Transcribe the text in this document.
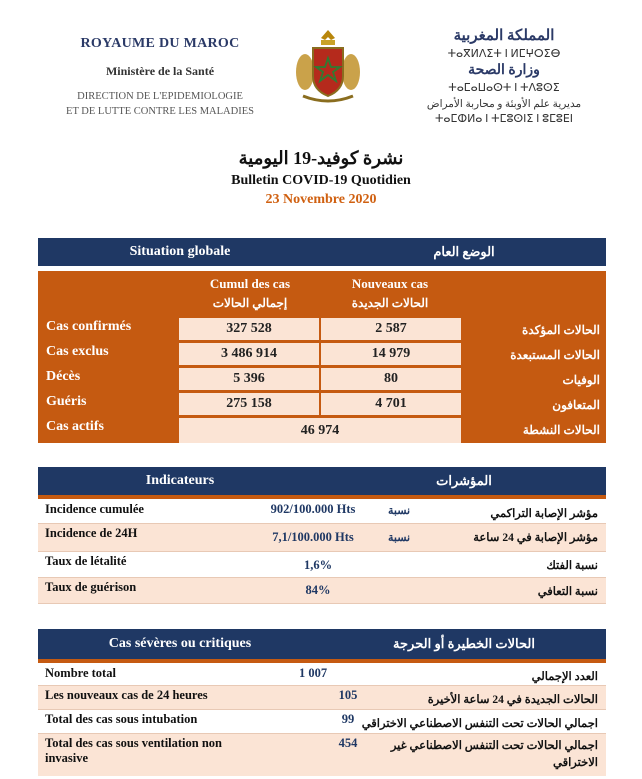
ROYAUME DU MAROC
Ministère de la Santé
DIRECTION DE L'EPIDEMIOLOGIE
ET DE LUTTE CONTRE LES MALADIES
المملكة المغربية
ⵜⴰⴳⵍⴷⵉⵜ ⵏ ⵍⵎⵖⵔⵉⴱ
وزارة الصحة
ⵜⴰⵎⴰⵡⴰⵙⵜ ⵏ ⵜⴷⵓⵙⵉ
مديرية علم الأوبئة و محاربة الأمراض
ⵜⴰⵎⵀⵍⴰ ⵏ ⵜⵎⵓⵙⵏⵉ ⵏ ⵓⵎⵓⴹⵏ
نشرة كوفيد-19 اليومية
Bulletin COVID-19 Quotidien
23 Novembre 2020
Situation globale	الوضع العام
Cumul des cas
إجمالي الحالات
Nouveaux cas
الحالات الجديدة
Cas confirmés	327 528	2 587	الحالات المؤكدة
Cas exclus	3 486 914	14 979	الحالات المستبعدة
Décès	5 396	80	الوفيات
Guéris	275 158	4 701	المتعافون
Cas actifs	46 974	الحالات النشطة
Indicateurs	المؤشرات
Incidence cumulée	902/100.000 Hts	نسبة	مؤشر الإصابة التراكمي
Incidence de 24H	7,1/100.000 Hts	نسبة	مؤشر الإصابة في 24 ساعة
Taux de létalité	1,6%	نسبة الفتك
Taux de guérison	84%	نسبة التعافي
Cas sévères ou critiques	الحالات الخطيرة أو الحرجة
Nombre total	1 007	العدد الإجمالي
Les nouveaux cas de 24 heures	105	الحالات الجديدة في 24 ساعة الأخيرة
Total des cas sous intubation	99 اجمالي الحالات تحت التنفس الاصطناعي الاختراقي
Total des cas sous ventilation non
invasive
454	اجمالي الحالات تحت التنفس الاصطناعي غير
الاختراقي
